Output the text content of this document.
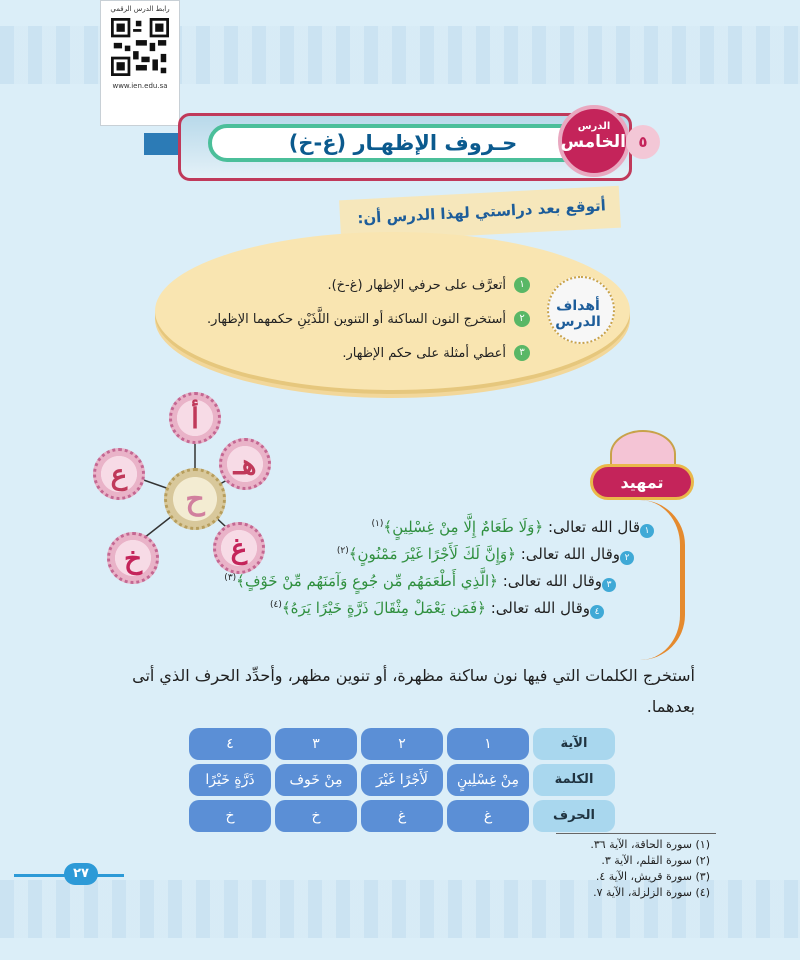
رابط الدرس الرقمي
www.ien.edu.sa
حـروف الإظهـار (غ-خ)
الدرس
الخامس ٥
أتوقع بعد دراستي لهذا الدرس أن:
١
أتعرَّف على حرفي الإظهار (غ-خ).
٢
أستخرج النون الساكنة أو التنوين اللَّذَيْنِ حكمهما الإظهار.
٣
أعطي أمثلة على حكم الإظهار.
أهداف الدرس
أ
هـ
ع
ح
غ
خ
تمهيد
١
قال الله تعالى: ﴿وَلَا طَعَامٌ إِلَّا مِنْ غِسْلِينٍ﴾$^{(١)}$
٢
وقال الله تعالى: ﴿وَإِنَّ لَكَ لَأَجْرًا غَيْرَ مَمْنُونٍ﴾$^{(٢)}$
٣
وقال الله تعالى: ﴿الَّذِي أَطْعَمَهُم مِّن جُوعٍ وَآمَنَهُم مِّنْ خَوْفٍ﴾$^{(٣)}$
٤
وقال الله تعالى: ﴿فَمَن يَعْمَلْ مِثْقَالَ ذَرَّةٍ خَيْرًا يَرَهُ﴾$^{(٤)}$
أستخرج الكلمات التي فيها نون ساكنة مظهرة، أو تنوين مظهر، وأحدِّد الحرف الذي أتى بعدهما.
الآية
١
٢
٣
٤
الكلمة
مِنْ غِسْلِينٍ
لَأَجْرًا غَيْرَ
مِنْ خَوف
ذَرَّةٍ خَيْرًا
الحرف
غ
غ
خ
خ
(١) سورة الحاقة، الآية ٣٦.
(٢) سورة القلم، الآية ٣.
(٣) سورة قريش، الآية ٤.
(٤) سورة الزلزلة، الآية ٧.
٢٧
